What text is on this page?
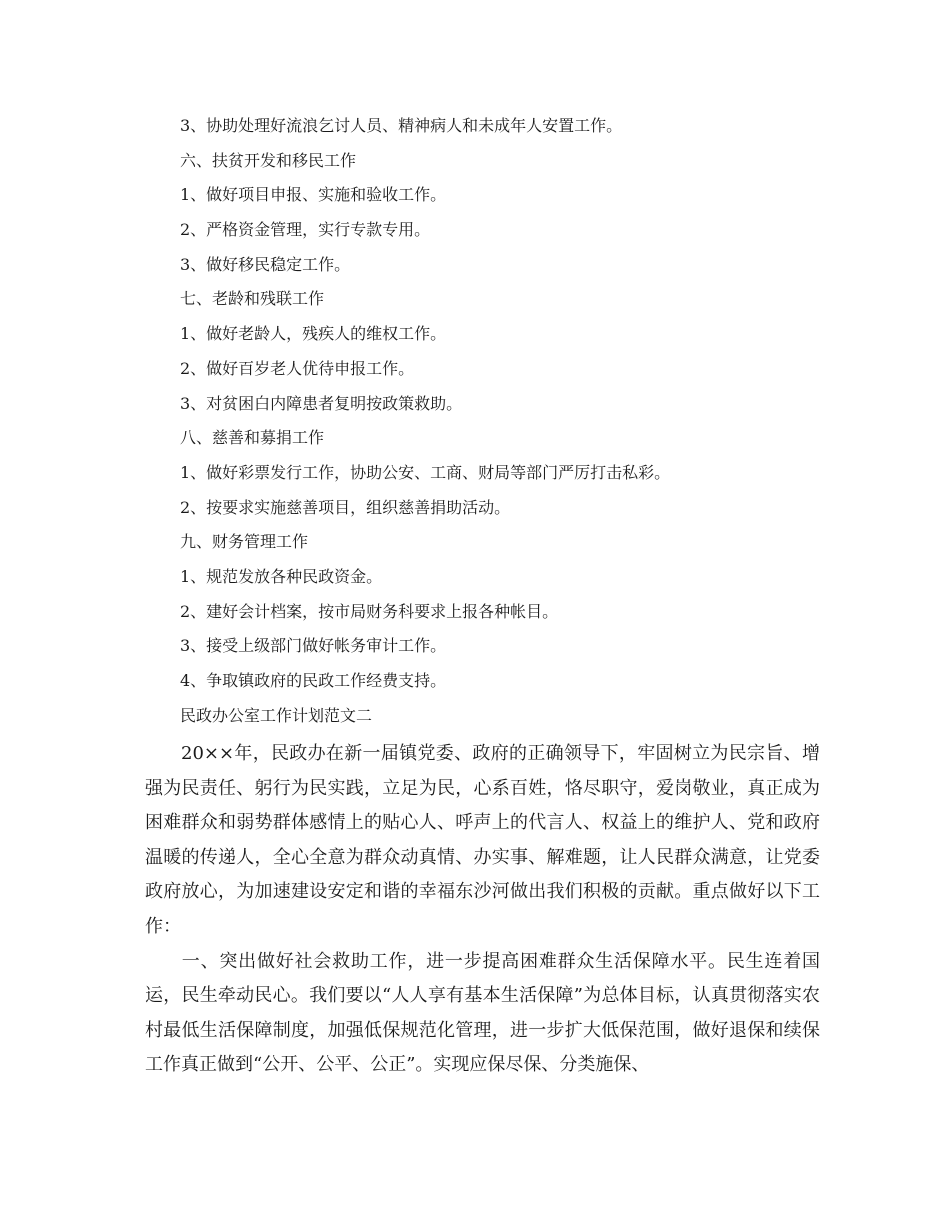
3、协助处理好流浪乞讨人员、精神病人和未成年人安置工作。
六、扶贫开发和移民工作
1、做好项目申报、实施和验收工作。
2、严格资金管理，实行专款专用。
3、做好移民稳定工作。
七、老龄和残联工作
1、做好老龄人，残疾人的维权工作。
2、做好百岁老人优待申报工作。
3、对贫困白内障患者复明按政策救助。
八、慈善和募捐工作
1、做好彩票发行工作，协助公安、工商、财局等部门严厉打击私彩。
2、按要求实施慈善项目，组织慈善捐助活动。
九、财务管理工作
1、规范发放各种民政资金。
2、建好会计档案，按市局财务科要求上报各种帐目。
3、接受上级部门做好帐务审计工作。
4、争取镇政府的民政工作经费支持。
民政办公室工作计划范文二

20××年，民政办在新一届镇党委、政府的正确领导下，牢固树立为民宗旨、增强为民责任、躬行为民实践，立足为民，心系百姓，恪尽职守，爱岗敬业，真正成为困难群众和弱势群体感情上的贴心人、呼声上的代言人、权益上的维护人、党和政府温暖的传递人，全心全意为群众动真情、办实事、解难题，让人民群众满意，让党委政府放心，为加速建设安定和谐的幸福东沙河做出我们积极的贡献。重点做好以下工作：

一、突出做好社会救助工作，进一步提高困难群众生活保障水平。民生连着国运，民生牵动民心。我们要以“人人享有基本生活保障”为总体目标，认真贯彻落实农村最低生活保障制度，加强低保规范化管理，进一步扩大低保范围，做好退保和续保工作真正做到“公开、公平、公正”。实现应保尽保、分类施保、
